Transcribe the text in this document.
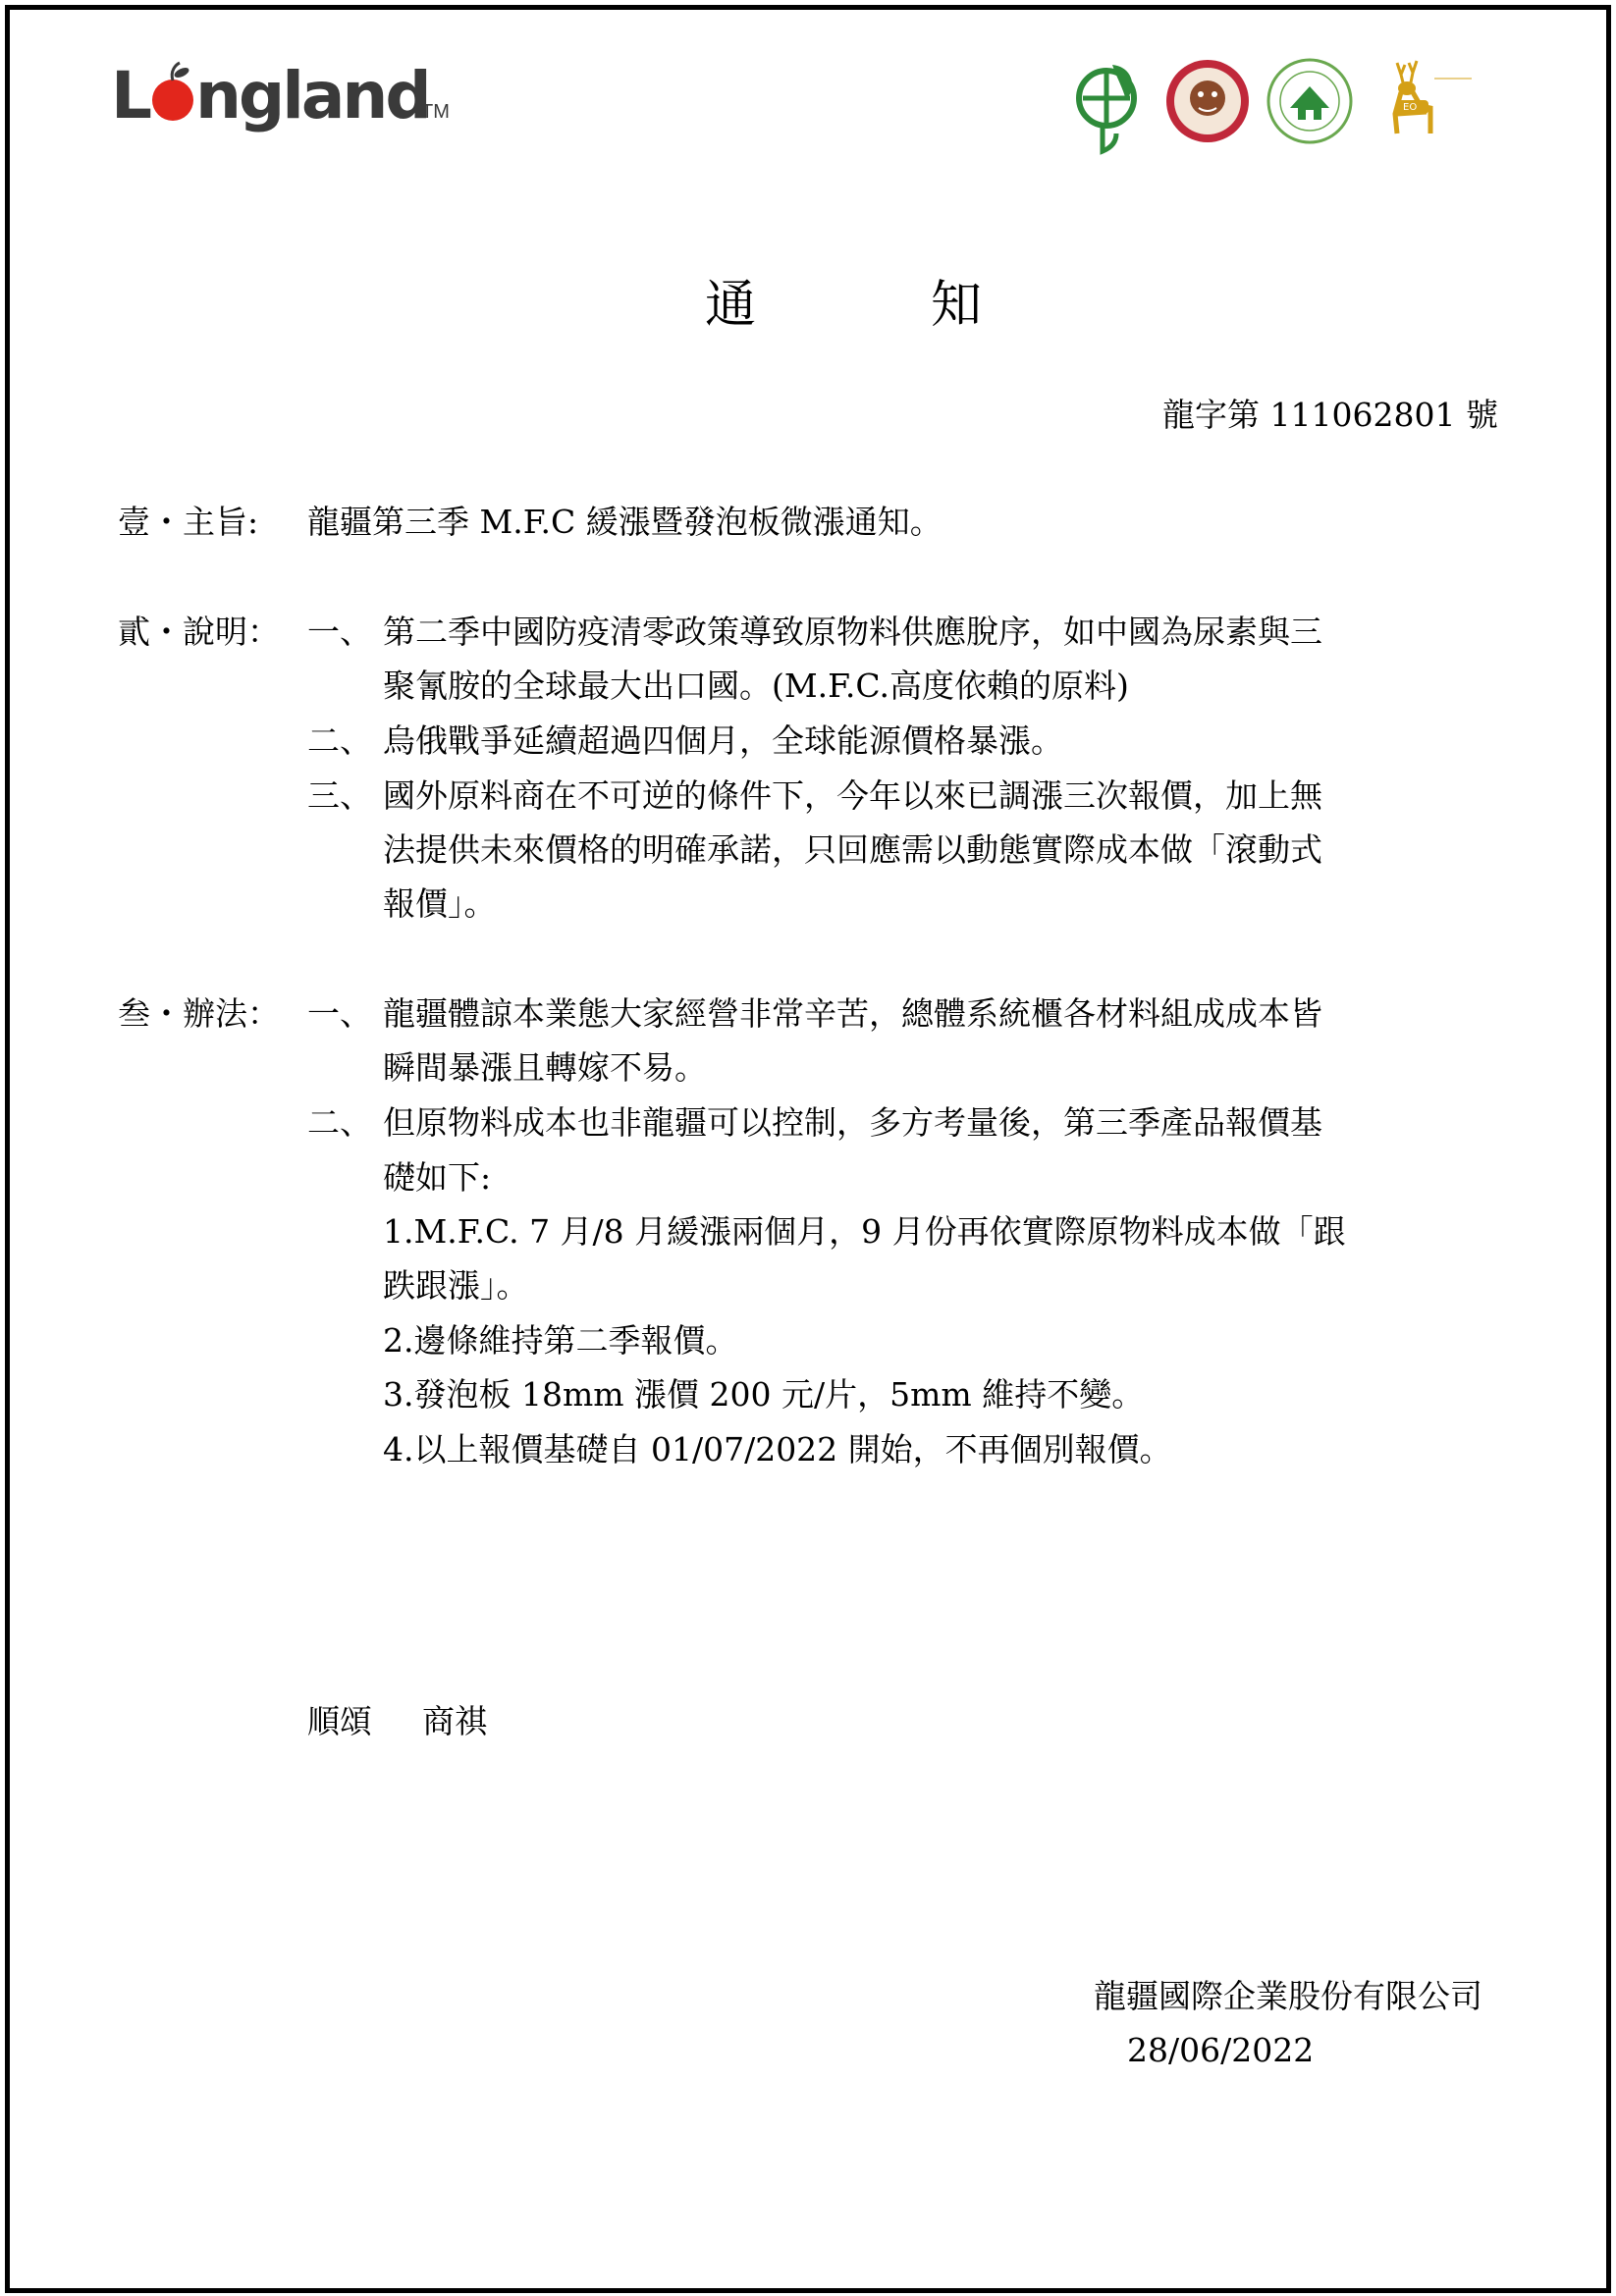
L ngland
TM	EO
通	知
龍字第 111062801 號
壹・主旨: 龍疆第三季 M.F.C 緩漲暨發泡板微漲通知。
貳・說明： 一、 第二季中國防疫清零政策導致原物料供應脫序，如中國為尿素與三
聚氰胺的全球最大出口國。(M.F.C.高度依賴的原料)
二、 烏俄戰爭延續超過四個月，全球能源價格暴漲。
三、 國外原料商在不可逆的條件下，今年以來已調漲三次報價，加上無
法提供未來價格的明確承諾，只回應需以動態實際成本做「滾動式
報價」。
叁・辦法： 一、 龍疆體諒本業態大家經營非常辛苦，總體系統櫃各材料組成成本皆
瞬間暴漲且轉嫁不易。
二、 但原物料成本也非龍疆可以控制，多方考量後，第三季產品報價基
礎如下:
1.M.F.C. 7 月/8 月緩漲兩個月，9 月份再依實際原物料成本做「跟
跌跟漲」。
2.邊條維持第二季報價。
3.發泡板 18mm 漲價 200 元/片，5mm 維持不變。
4.以上報價基礎自 01/07/2022 開始，不再個別報價。
順頌 商祺
龍疆國際企業股份有限公司
28/06/2022
